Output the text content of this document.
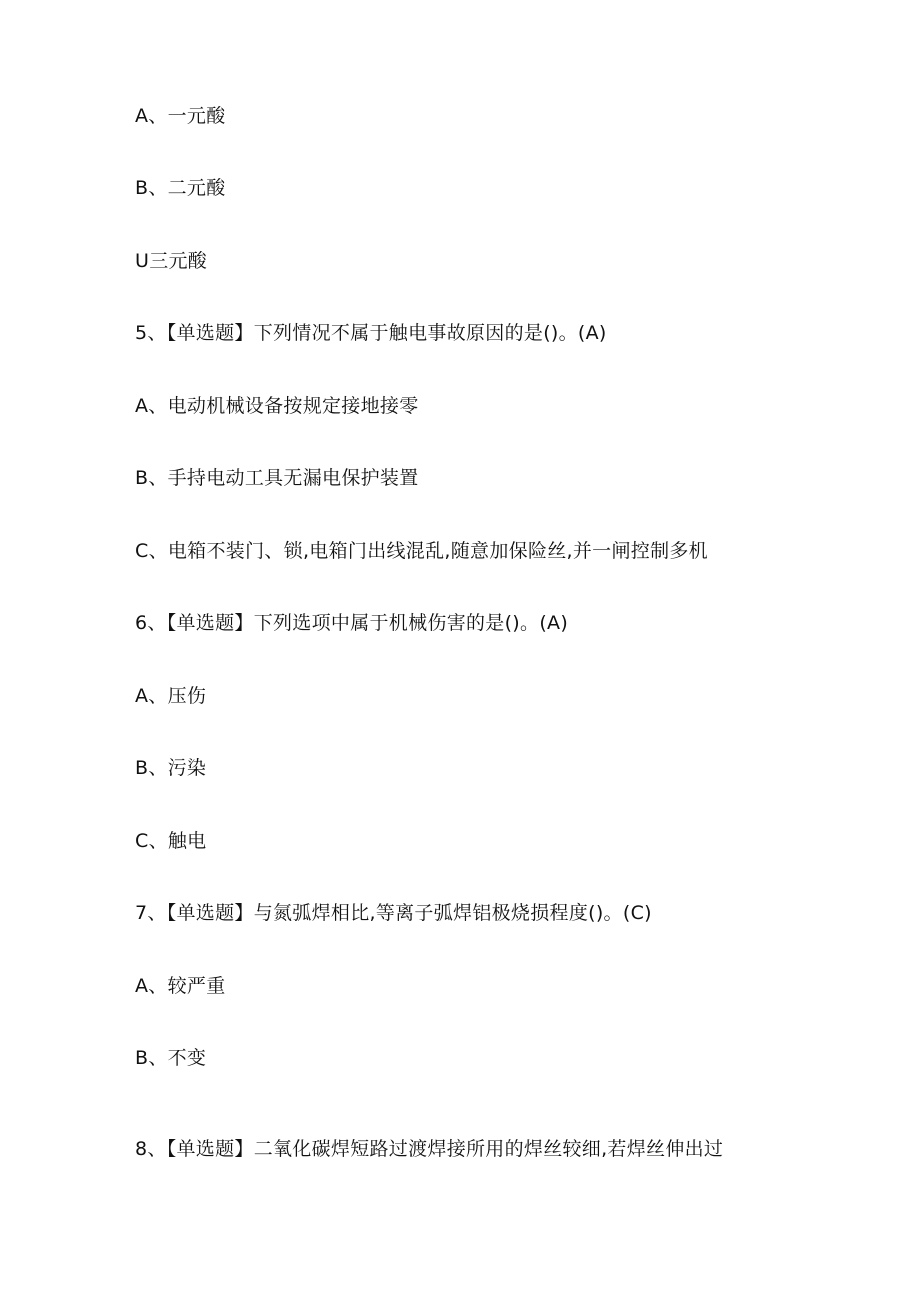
A、一元酸
B、二元酸
U三元酸
5、【单选题】下列情况不属于触电事故原因的是()。(A)
A、电动机械设备按规定接地接零
B、手持电动工具无漏电保护装置
C、电箱不装门、锁,电箱门出线混乱,随意加保险丝,并一闸控制多机
6、【单选题】下列选项中属于机械伤害的是()。(A)
A、压伤
B、污染
C、触电
7、【单选题】与氮弧焊相比,等离子弧焊铝极烧损程度()。(C)
A、较严重
B、不变
8、【单选题】二氧化碳焊短路过渡焊接所用的焊丝较细,若焊丝伸出过
